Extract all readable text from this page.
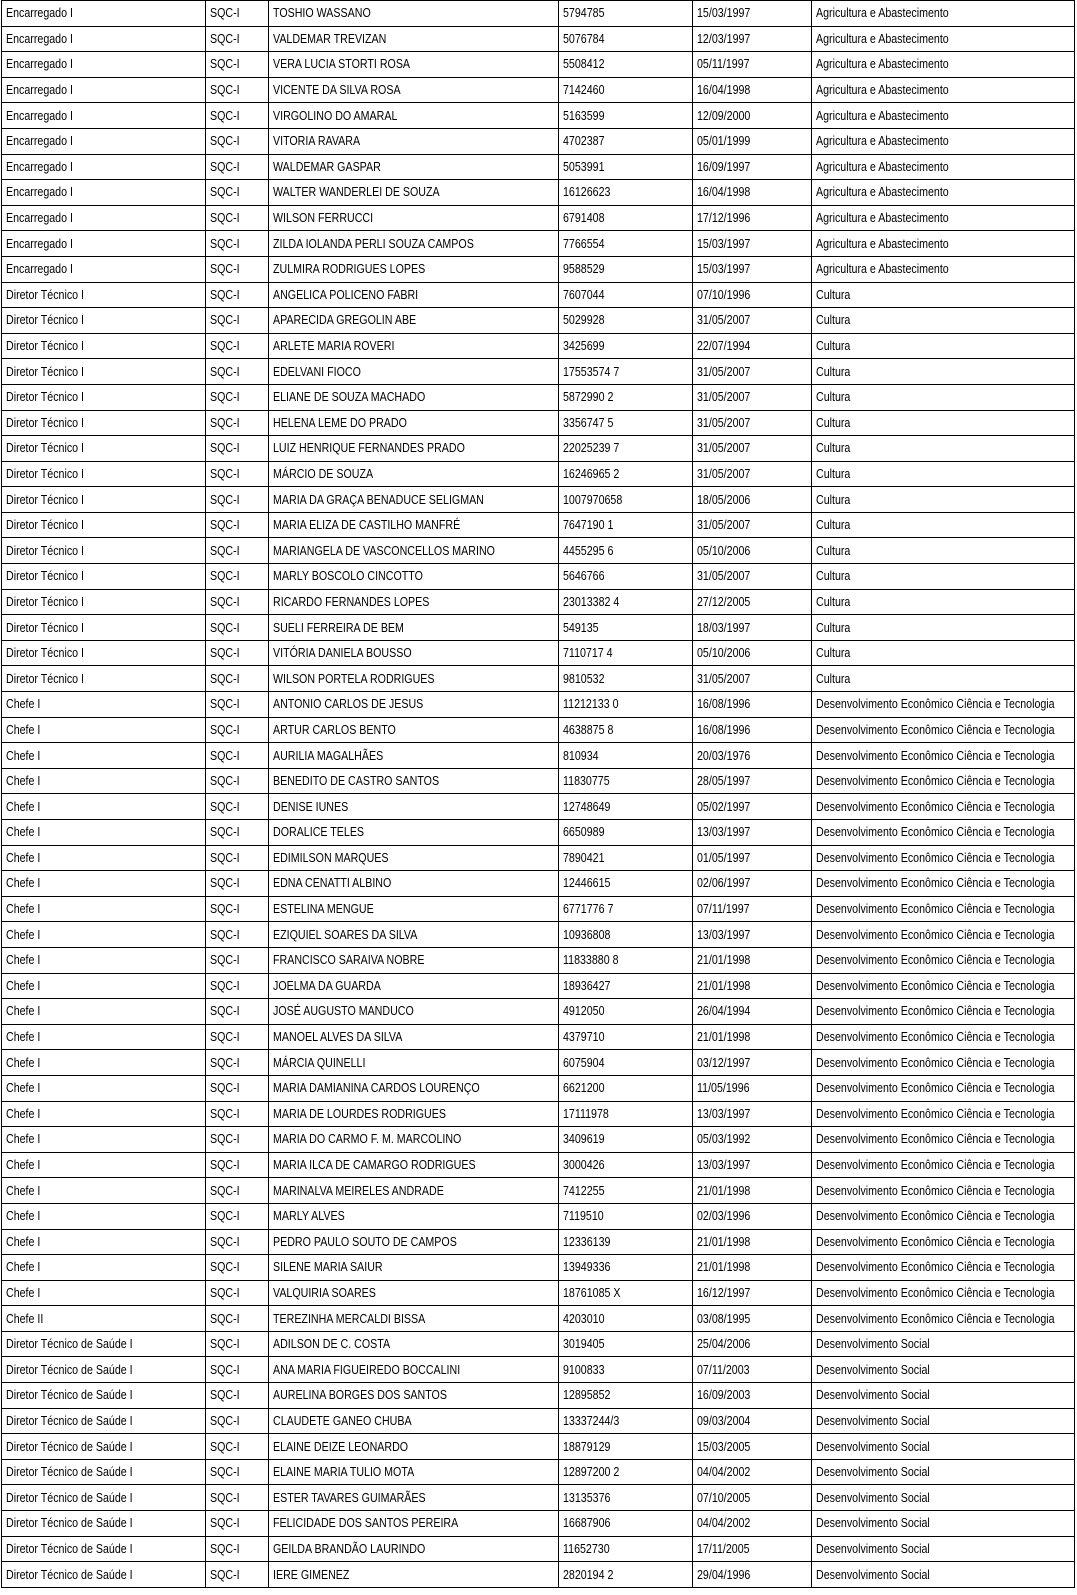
Encarregado I	SQC-I	TOSHIO WASSANO	5794785	15/03/1997	Agricultura e Abastecimento
Encarregado I	SQC-I	VALDEMAR TREVIZAN	5076784	12/03/1997	Agricultura e Abastecimento
Encarregado I	SQC-I	VERA LUCIA STORTI ROSA	5508412	05/11/1997	Agricultura e Abastecimento
Encarregado I	SQC-I	VICENTE DA SILVA ROSA	7142460	16/04/1998	Agricultura e Abastecimento
Encarregado I	SQC-I	VIRGOLINO DO AMARAL	5163599	12/09/2000	Agricultura e Abastecimento
Encarregado I	SQC-I	VITORIA RAVARA	4702387	05/01/1999	Agricultura e Abastecimento
Encarregado I	SQC-I	WALDEMAR GASPAR	5053991	16/09/1997	Agricultura e Abastecimento
Encarregado I	SQC-I	WALTER WANDERLEI DE SOUZA	16126623	16/04/1998	Agricultura e Abastecimento
Encarregado I	SQC-I	WILSON FERRUCCI	6791408	17/12/1996	Agricultura e Abastecimento
Encarregado I	SQC-I	ZILDA IOLANDA PERLI SOUZA CAMPOS	7766554	15/03/1997	Agricultura e Abastecimento
Encarregado I	SQC-I	ZULMIRA RODRIGUES LOPES	9588529	15/03/1997	Agricultura e Abastecimento
Diretor Técnico I	SQC-I	ANGELICA POLICENO FABRI	7607044	07/10/1996	Cultura
Diretor Técnico I	SQC-I	APARECIDA GREGOLIN ABE	5029928	31/05/2007	Cultura
Diretor Técnico I	SQC-I	ARLETE MARIA ROVERI	3425699	22/07/1994	Cultura
Diretor Técnico I	SQC-I	EDELVANI FIOCO	17553574 7	31/05/2007	Cultura
Diretor Técnico I	SQC-I	ELIANE DE SOUZA MACHADO	5872990 2	31/05/2007	Cultura
Diretor Técnico I	SQC-I	HELENA LEME DO PRADO	3356747 5	31/05/2007	Cultura
Diretor Técnico I	SQC-I	LUIZ HENRIQUE FERNANDES PRADO	22025239 7	31/05/2007	Cultura
Diretor Técnico I	SQC-I	MÁRCIO DE SOUZA	16246965 2	31/05/2007	Cultura
Diretor Técnico I	SQC-I	MARIA DA GRAÇA BENADUCE SELIGMAN	1007970658	18/05/2006	Cultura
Diretor Técnico I	SQC-I	MARIA ELIZA DE CASTILHO MANFRÉ	7647190 1	31/05/2007	Cultura
Diretor Técnico I	SQC-I	MARIANGELA DE VASCONCELLOS MARINO	4455295 6	05/10/2006	Cultura
Diretor Técnico I	SQC-I	MARLY BOSCOLO CINCOTTO	5646766	31/05/2007	Cultura
Diretor Técnico I	SQC-I	RICARDO FERNANDES LOPES	23013382 4	27/12/2005	Cultura
Diretor Técnico I	SQC-I	SUELI FERREIRA DE BEM	549135	18/03/1997	Cultura
Diretor Técnico I	SQC-I	VITÓRIA DANIELA BOUSSO	7110717 4	05/10/2006	Cultura
Diretor Técnico I	SQC-I	WILSON PORTELA RODRIGUES	9810532	31/05/2007	Cultura
Chefe I	SQC-I	ANTONIO CARLOS DE JESUS	11212133 0	16/08/1996	Desenvolvimento Econômico Ciência e Tecnologia
Chefe I	SQC-I	ARTUR CARLOS BENTO	4638875 8	16/08/1996	Desenvolvimento Econômico Ciência e Tecnologia
Chefe I	SQC-I	AURILIA MAGALHÃES	810934	20/03/1976	Desenvolvimento Econômico Ciência e Tecnologia
Chefe I	SQC-I	BENEDITO DE CASTRO SANTOS	11830775	28/05/1997	Desenvolvimento Econômico Ciência e Tecnologia
Chefe I	SQC-I	DENISE IUNES	12748649	05/02/1997	Desenvolvimento Econômico Ciência e Tecnologia
Chefe I	SQC-I	DORALICE TELES	6650989	13/03/1997	Desenvolvimento Econômico Ciência e Tecnologia
Chefe I	SQC-I	EDIMILSON MARQUES	7890421	01/05/1997	Desenvolvimento Econômico Ciência e Tecnologia
Chefe I	SQC-I	EDNA CENATTI ALBINO	12446615	02/06/1997	Desenvolvimento Econômico Ciência e Tecnologia
Chefe I	SQC-I	ESTELINA MENGUE	6771776 7	07/11/1997	Desenvolvimento Econômico Ciência e Tecnologia
Chefe I	SQC-I	EZIQUIEL SOARES DA SILVA	10936808	13/03/1997	Desenvolvimento Econômico Ciência e Tecnologia
Chefe I	SQC-I	FRANCISCO SARAIVA NOBRE	11833880 8	21/01/1998	Desenvolvimento Econômico Ciência e Tecnologia
Chefe I	SQC-I	JOELMA DA GUARDA	18936427	21/01/1998	Desenvolvimento Econômico Ciência e Tecnologia
Chefe I	SQC-I	JOSÉ AUGUSTO MANDUCO	4912050	26/04/1994	Desenvolvimento Econômico Ciência e Tecnologia
Chefe I	SQC-I	MANOEL ALVES DA SILVA	4379710	21/01/1998	Desenvolvimento Econômico Ciência e Tecnologia
Chefe I	SQC-I	MÁRCIA QUINELLI	6075904	03/12/1997	Desenvolvimento Econômico Ciência e Tecnologia
Chefe I	SQC-I	MARIA DAMIANINA CARDOS LOURENÇO	6621200	11/05/1996	Desenvolvimento Econômico Ciência e Tecnologia
Chefe I	SQC-I	MARIA DE LOURDES RODRIGUES	17111978	13/03/1997	Desenvolvimento Econômico Ciência e Tecnologia
Chefe I	SQC-I	MARIA DO CARMO F. M. MARCOLINO	3409619	05/03/1992	Desenvolvimento Econômico Ciência e Tecnologia
Chefe I	SQC-I	MARIA ILCA DE CAMARGO RODRIGUES	3000426	13/03/1997	Desenvolvimento Econômico Ciência e Tecnologia
Chefe I	SQC-I	MARINALVA MEIRELES ANDRADE	7412255	21/01/1998	Desenvolvimento Econômico Ciência e Tecnologia
Chefe I	SQC-I	MARLY ALVES	7119510	02/03/1996	Desenvolvimento Econômico Ciência e Tecnologia
Chefe I	SQC-I	PEDRO PAULO SOUTO DE CAMPOS	12336139	21/01/1998	Desenvolvimento Econômico Ciência e Tecnologia
Chefe I	SQC-I	SILENE MARIA SAIUR	13949336	21/01/1998	Desenvolvimento Econômico Ciência e Tecnologia
Chefe I	SQC-I	VALQUIRIA SOARES	18761085 X	16/12/1997	Desenvolvimento Econômico Ciência e Tecnologia
Chefe II	SQC-I	TEREZINHA MERCALDI BISSA	4203010	03/08/1995	Desenvolvimento Econômico Ciência e Tecnologia
Diretor Técnico de Saúde I	SQC-I	ADILSON DE C. COSTA	3019405	25/04/2006	Desenvolvimento Social
Diretor Técnico de Saúde I	SQC-I	ANA MARIA FIGUEIREDO BOCCALINI	9100833	07/11/2003	Desenvolvimento Social
Diretor Técnico de Saúde I	SQC-I	AURELINA BORGES DOS SANTOS	12895852	16/09/2003	Desenvolvimento Social
Diretor Técnico de Saúde I	SQC-I	CLAUDETE GANEO CHUBA	13337244/3	09/03/2004	Desenvolvimento Social
Diretor Técnico de Saúde I	SQC-I	ELAINE DEIZE LEONARDO	18879129	15/03/2005	Desenvolvimento Social
Diretor Técnico de Saúde I	SQC-I	ELAINE MARIA TULIO MOTA	12897200 2	04/04/2002	Desenvolvimento Social
Diretor Técnico de Saúde I	SQC-I	ESTER TAVARES GUIMARÃES	13135376	07/10/2005	Desenvolvimento Social
Diretor Técnico de Saúde I	SQC-I	FELICIDADE DOS SANTOS PEREIRA	16687906	04/04/2002	Desenvolvimento Social
Diretor Técnico de Saúde I	SQC-I	GEILDA BRANDÃO LAURINDO	11652730	17/11/2005	Desenvolvimento Social
Diretor Técnico de Saúde I	SQC-I	IERE GIMENEZ	2820194 2	29/04/1996	Desenvolvimento Social
